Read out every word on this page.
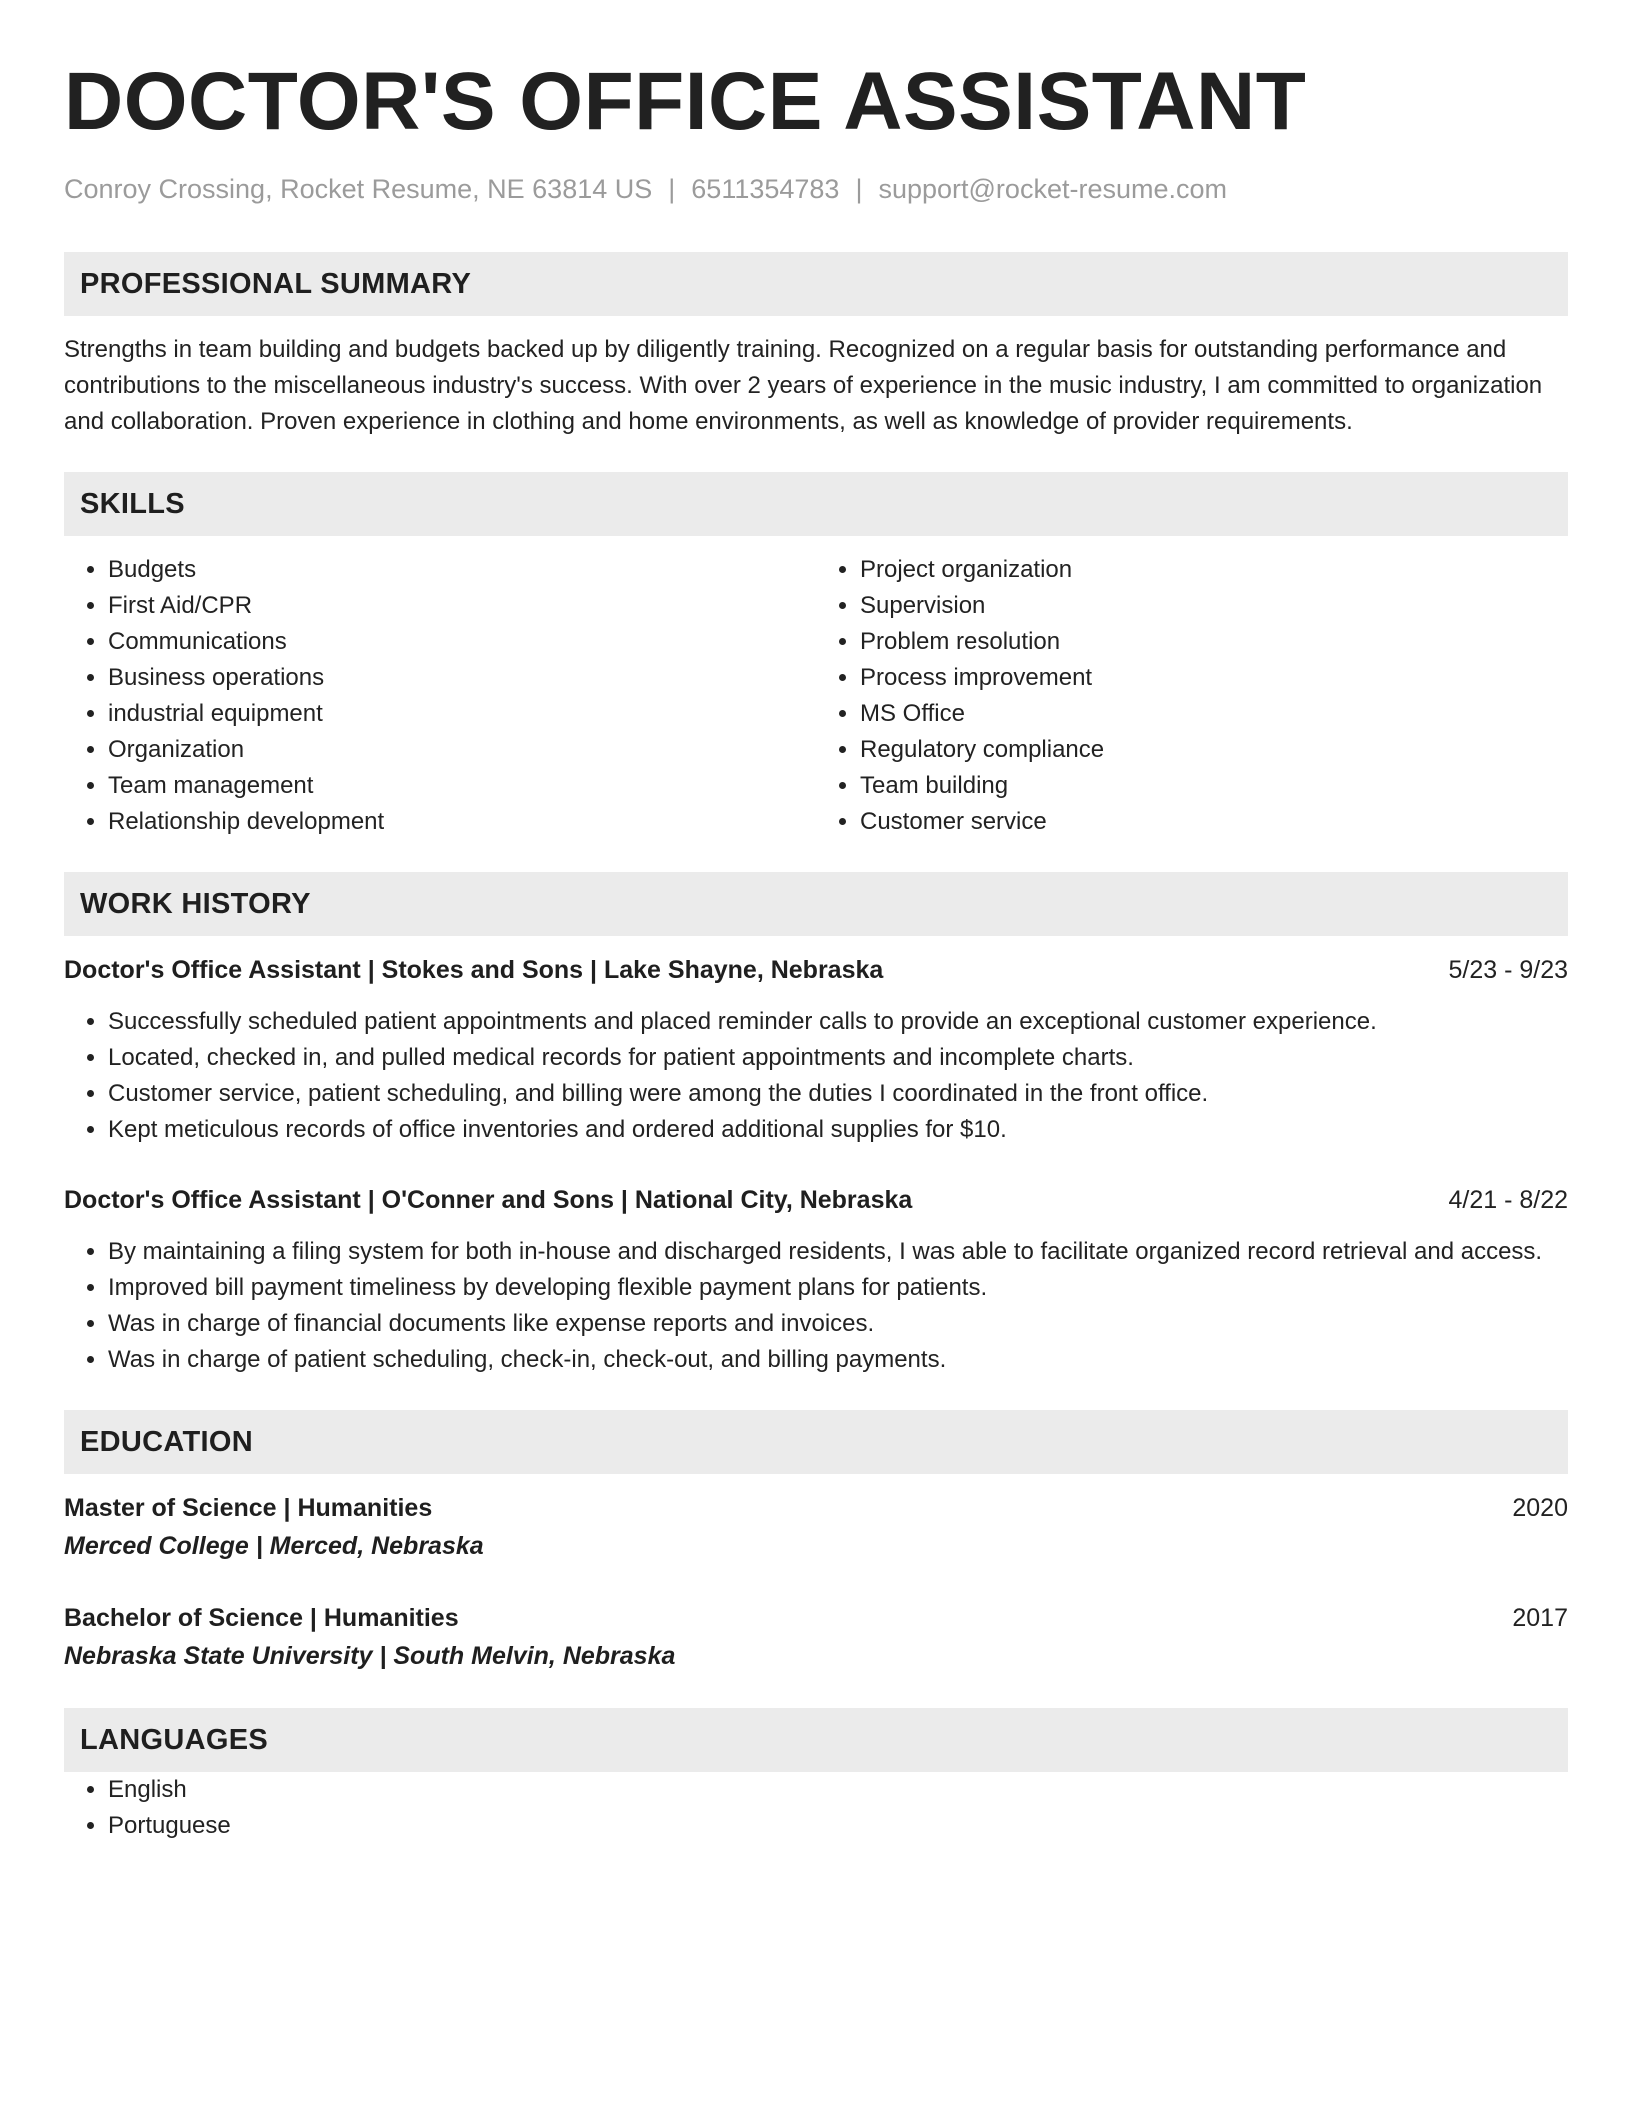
DOCTOR'S OFFICE ASSISTANT
Conroy Crossing, Rocket Resume, NE 63814 US | 6511354783 | support@rocket-resume.com
PROFESSIONAL SUMMARY

Strengths in team building and budgets backed up by diligently training. Recognized on a regular basis for outstanding performance and contributions to the miscellaneous industry's success. With over 2 years of experience in the music industry, I am committed to organization and collaboration. Proven experience in clothing and home environments, as well as knowledge of provider requirements.

SKILLS
• Budgets
• First Aid/CPR
• Communications
• Business operations
• industrial equipment
• Organization
• Team management
• Relationship development
• Project organization
• Supervision
• Problem resolution
• Process improvement
• MS Office
• Regulatory compliance
• Team building
• Customer service
WORK HISTORY
Doctor's Office Assistant | Stokes and Sons | Lake Shayne, Nebraska	5/23 - 9/23
• Successfully scheduled patient appointments and placed reminder calls to provide an exceptional customer experience.
• Located, checked in, and pulled medical records for patient appointments and incomplete charts.
• Customer service, patient scheduling, and billing were among the duties I coordinated in the front office.
• Kept meticulous records of office inventories and ordered additional supplies for $10.
Doctor's Office Assistant | O'Conner and Sons | National City, Nebraska	4/21 - 8/22
• By maintaining a filing system for both in-house and discharged residents, I was able to facilitate organized record retrieval and access.
• Improved bill payment timeliness by developing flexible payment plans for patients.
• Was in charge of financial documents like expense reports and invoices.
• Was in charge of patient scheduling, check-in, check-out, and billing payments.
EDUCATION
Master of Science | Humanities	2020
Merced College | Merced, Nebraska
Bachelor of Science | Humanities	2017
Nebraska State University | South Melvin, Nebraska
LANGUAGES
• English
• Portuguese
